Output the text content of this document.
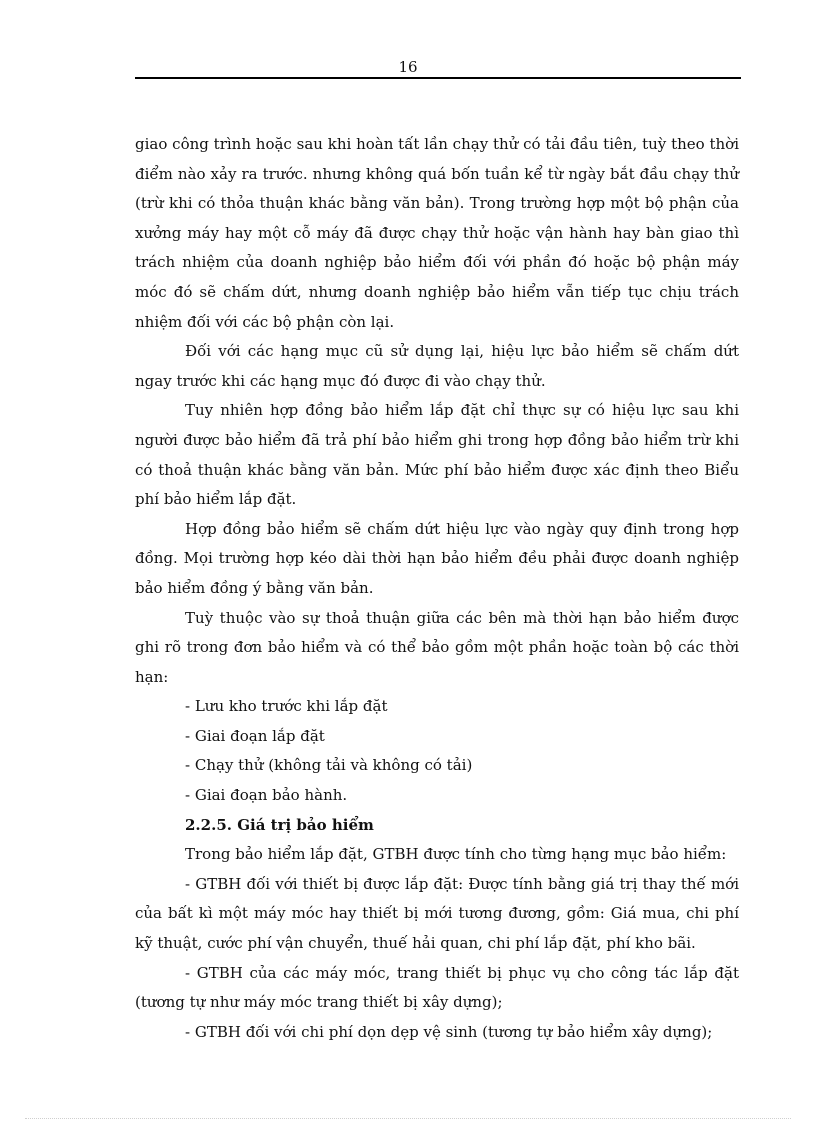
16

giao công trình hoặc sau khi hoàn tất lần chạy thử có tải đầu tiên, tuỳ theo thời điểm nào xảy ra trước. nhưng không quá bốn tuần kể từ ngày bắt đầu chạy thử (trừ khi có thỏa thuận khác bằng văn bản). Trong trường hợp một bộ phận của xưởng máy hay một cỗ máy đã được chạy thử hoặc vận hành hay bàn giao thì trách nhiệm của doanh nghiệp bảo hiểm đối với phần đó hoặc bộ phận máy móc đó sẽ chấm dứt, nhưng doanh nghiệp bảo hiểm vẫn tiếp tục chịu trách nhiệm đối với các bộ phận còn lại.

Đối với các hạng mục cũ sử dụng lại, hiệu lực bảo hiểm sẽ chấm dứt ngay trước khi các hạng mục đó được đi vào chạy thử.

Tuy nhiên hợp đồng bảo hiểm lắp đặt chỉ thực sự có hiệu lực sau khi người được bảo hiểm đã trả phí bảo hiểm ghi trong hợp đồng bảo hiểm trừ khi có thoả thuận khác bằng văn bản. Mức phí bảo hiểm được xác định theo Biểu phí bảo hiểm lắp đặt.

Hợp đồng bảo hiểm sẽ chấm dứt hiệu lực vào ngày quy định trong hợp đồng. Mọi trường hợp kéo dài thời hạn bảo hiểm đều phải được doanh nghiệp bảo hiểm đồng ý bằng văn bản.

Tuỳ thuộc vào sự thoả thuận giữa các bên mà thời hạn bảo hiểm được ghi rõ trong đơn bảo hiểm và có thể bảo gồm một phần hoặc toàn bộ các thời hạn:

- Lưu kho trước khi lắp đặt

- Giai đoạn lắp đặt

- Chạy thử (không tải và không có tải)

- Giai đoạn bảo hành.

2.2.5. Giá trị bảo hiểm

Trong bảo hiểm lắp đặt, GTBH được tính cho từng hạng mục bảo hiểm:

- GTBH đối với thiết bị được lắp đặt: Được tính bằng giá trị thay thế mới của bất kì một máy móc hay thiết bị mới tương đương, gồm: Giá mua, chi phí kỹ thuật, cước phí vận chuyển, thuế hải quan, chi phí lắp đặt, phí kho bãi.

- GTBH của các máy móc, trang thiết bị phục vụ cho công tác lắp đặt (tương tự như máy móc trang thiết bị xây dựng);

- GTBH đối với chi phí dọn dẹp vệ sinh (tương tự bảo hiểm xây dựng);
